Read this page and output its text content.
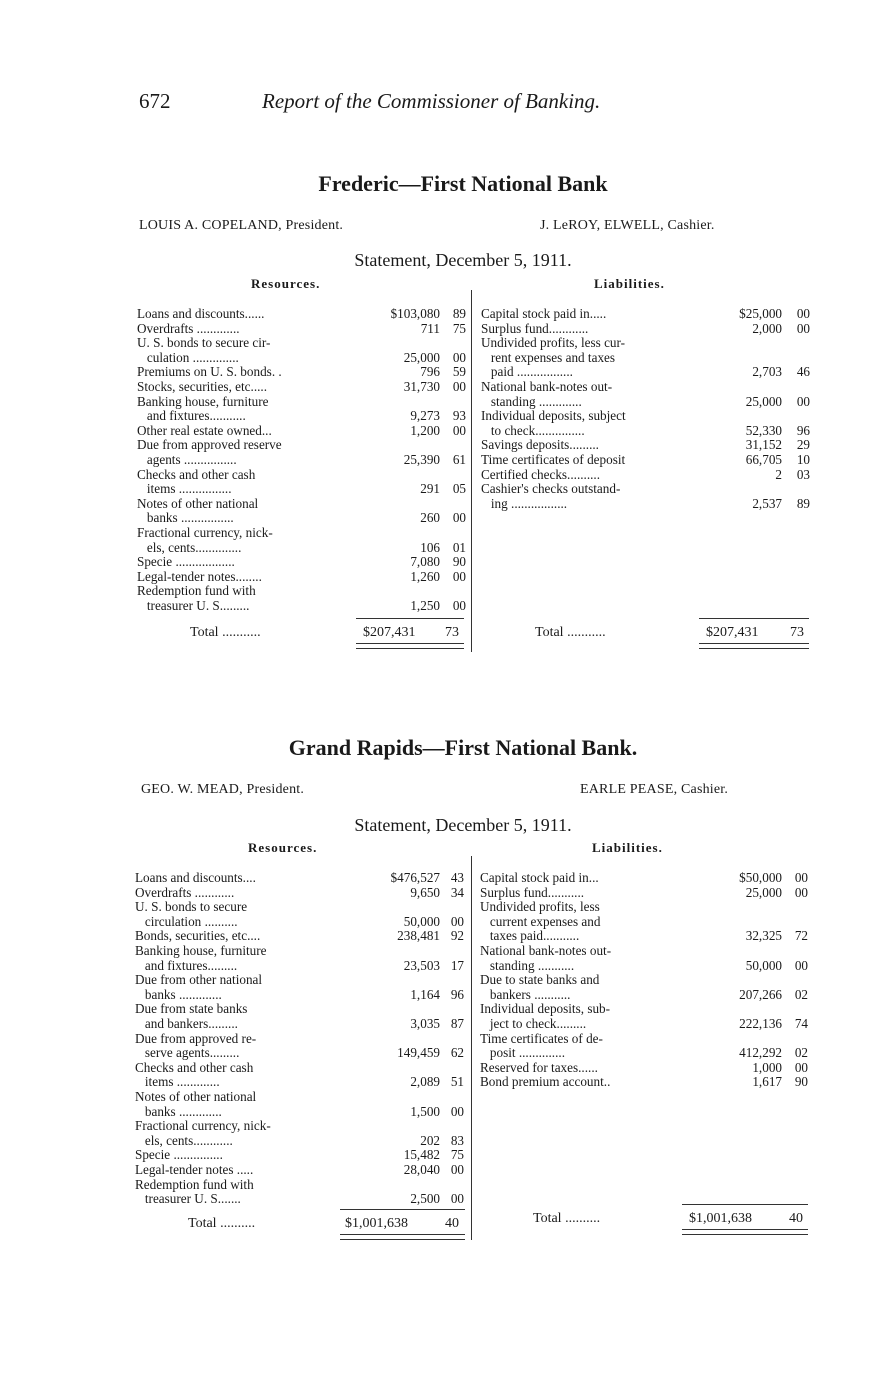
672	Report of the Commissioner of Banking.
Frederic—First National Bank
LOUIS A. COPELAND, President.	J. LeROY, ELWELL, Cashier.
Statement, December 5, 1911.
Resources.	Liabilities.
Loans and discounts......	$103,080 89
Overdrafts .............	711 75
U. S. bonds to secure cir-
culation ..............	25,000 00
Premiums on U. S. bonds. .	796 59
Stocks, securities, etc.....	31,730 00
Banking house, furniture
and fixtures...........	9,273 93
Other real estate owned...	1,200 00
Due from approved reserve
agents ................	25,390 61
Checks and other cash
items ................	291 05
Notes of other national
banks ................	260 00
Fractional currency, nick-
els, cents..............	106 01
Specie ..................	7,080 90
Legal-tender notes........	1,260 00
Redemption fund with
treasurer U. S.........	1,250 00
Capital stock paid in.....	$25,000	00
Surplus fund............	2,000	00
Undivided profits, less cur-
rent expenses and taxes
paid .................	2,703	46
National bank-notes out-
standing .............	25,000	00
Individual deposits, subject
to check...............	52,330	96
Savings deposits.........	31,152	29
Time certificates of deposit	66,705	10
Certified checks..........	2	03
Cashier's checks outstand-
ing .................	2,537	89
Total ...........	$207,431 73	Total ...........	$207,431 73
Grand Rapids—First National Bank.
GEO. W. MEAD, President.	EARLE PEASE, Cashier.
Statement, December 5, 1911.
Resources.	Liabilities.
Loans and discounts....	$476,527 43
Overdrafts ............	9,650 34
U. S. bonds to secure
circulation ..........	50,000 00
Bonds, securities, etc....	238,481 92
Banking house, furniture
and fixtures.........	23,503 17
Due from other national
banks .............	1,164 96
Due from state banks
and bankers.........	3,035 87
Due from approved re-
serve agents.........	149,459 62
Checks and other cash
items .............	2,089 51
Notes of other national
banks .............	1,500 00
Fractional currency, nick-
els, cents............	202 83
Specie ...............	15,482 75
Legal-tender notes .....	28,040 00
Redemption fund with
treasurer U. S.......	2,500 00
Capital stock paid in...	$50,000 00
Surplus fund...........	25,000 00
Undivided profits, less
current expenses and
taxes paid...........	32,325 72
National bank-notes out-
standing ...........	50,000 00
Due to state banks and
bankers ...........	207,266 02
Individual deposits, sub-
ject to check.........	222,136 74
Time certificates of de-
posit ..............	412,292 02
Reserved for taxes......	1,000 00
Bond premium account..	1,617 90
Total ..........	$1,001,638	40	Total ..........	$1,001,638	40
